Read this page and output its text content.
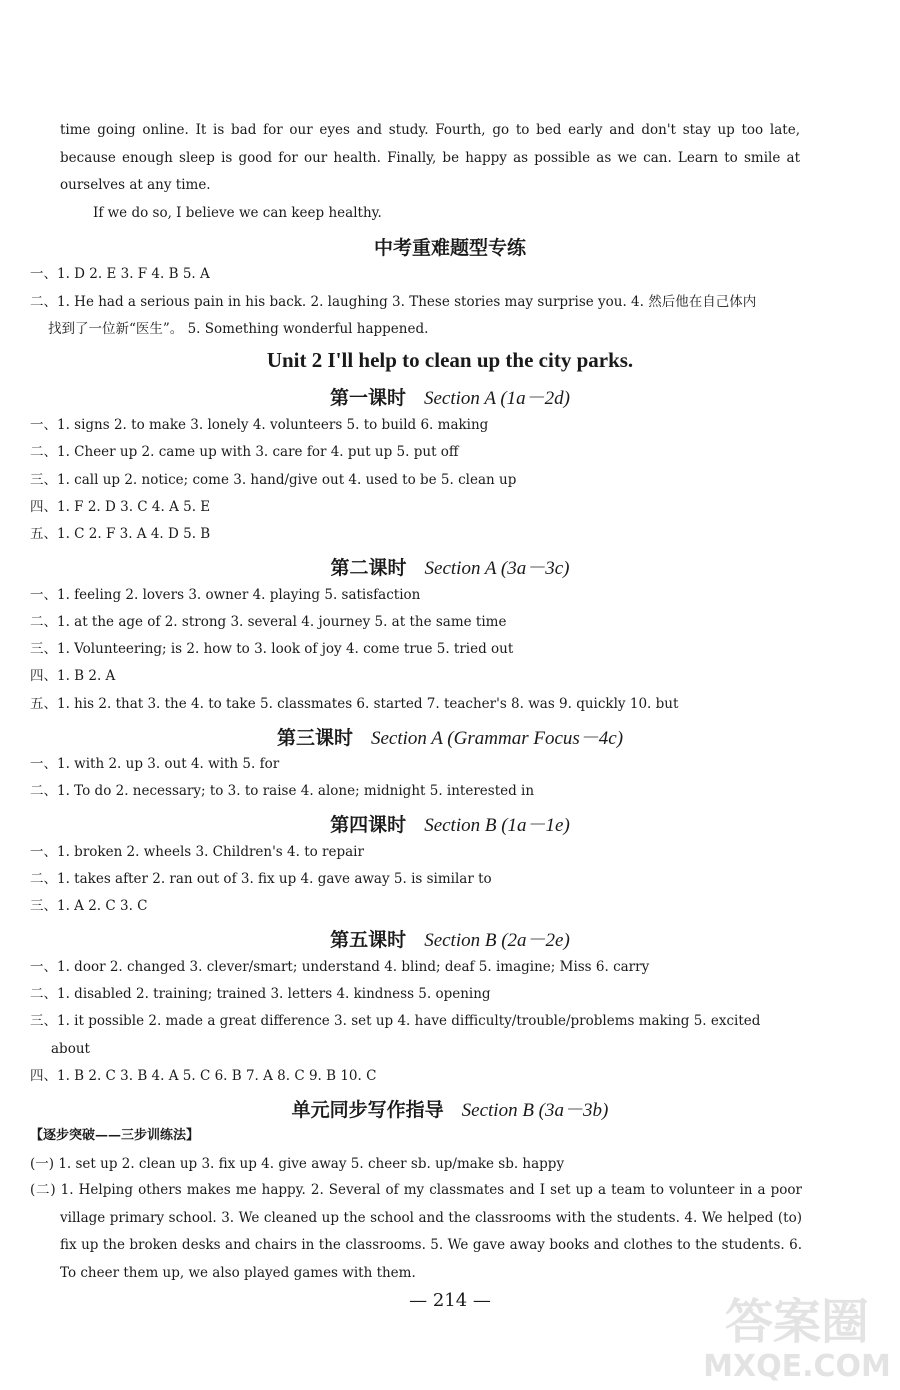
time going online. It is bad for our eyes and study. Fourth, go to bed early and don't stay up too late, because enough sleep is good for our health. Finally, be happy as possible as we can. Learn to smile at ourselves at any time.
If we do so, I believe we can keep healthy.
中考重难题型专练
一、1. D 2. E 3. F 4. B 5. A
二、1. He had a serious pain in his back. 2. laughing 3. These stories may surprise you. 4. 然后他在自己体内
找到了一位新“医生”。 5. Something wonderful happened.
Unit 2 I'll help to clean up the city parks.
第一课时 Section A (1a－2d)
一、1. signs 2. to make 3. lonely 4. volunteers 5. to build 6. making
二、1. Cheer up 2. came up with 3. care for 4. put up 5. put off
三、1. call up 2. notice; come 3. hand/give out 4. used to be 5. clean up
四、1. F 2. D 3. C 4. A 5. E
五、1. C 2. F 3. A 4. D 5. B
第二课时 Section A (3a－3c)
一、1. feeling 2. lovers 3. owner 4. playing 5. satisfaction
二、1. at the age of 2. strong 3. several 4. journey 5. at the same time
三、1. Volunteering; is 2. how to 3. look of joy 4. come true 5. tried out
四、1. B 2. A
五、1. his 2. that 3. the 4. to take 5. classmates 6. started 7. teacher's 8. was 9. quickly 10. but
第三课时 Section A (Grammar Focus－4c)
一、1. with 2. up 3. out 4. with 5. for
二、1. To do 2. necessary; to 3. to raise 4. alone; midnight 5. interested in
第四课时 Section B (1a－1e)
一、1. broken 2. wheels 3. Children's 4. to repair
二、1. takes after 2. ran out of 3. fix up 4. gave away 5. is similar to
三、1. A 2. C 3. C
第五课时 Section B (2a－2e)
一、1. door 2. changed 3. clever/smart; understand 4. blind; deaf 5. imagine; Miss 6. carry
二、1. disabled 2. training; trained 3. letters 4. kindness 5. opening
三、1. it possible 2. made a great difference 3. set up 4. have difficulty/trouble/problems making 5. excited
about
四、1. B 2. C 3. B 4. A 5. C 6. B 7. A 8. C 9. B 10. C
单元同步写作指导 Section B (3a－3b)
【逐步突破——三步训练法】
(一) 1. set up 2. clean up 3. fix up 4. give away 5. cheer sb. up/make sb. happy
(二) 1. Helping others makes me happy. 2. Several of my classmates and I set up a team to volunteer in a poor village primary school. 3. We cleaned up the school and the classrooms with the students. 4. We helped (to) fix up the broken desks and chairs in the classrooms. 5. We gave away books and clothes to the students. 6. To cheer them up, we also played games with them.
— 214 —	答案圈
MXQE.COM
